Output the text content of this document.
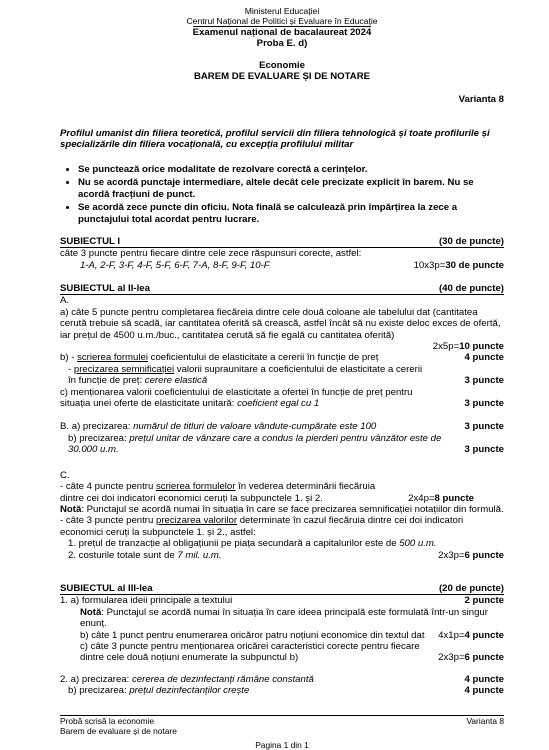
Ministerul Educației
Centrul Național de Politici și Evaluare în Educație
Examenul național de bacalaureat 2024
Proba E. d)
Economie
BAREM DE EVALUARE ȘI DE NOTARE
Varianta 8
Profilul umanist din filiera teoretică, profilul servicii din filiera tehnologică și toate profilurile și specializările din filiera vocațională, cu excepția profilului militar
• Se punctează orice modalitate de rezolvare corectă a cerințelor.
• Nu se acordă punctaje intermediare, altele decât cele precizate explicit în barem. Nu se acordă fracțiuni de punct.
• Se acordă zece puncte din oficiu. Nota finală se calculează prin împărțirea la zece a punctajului total acordat pentru lucrare.
SUBIECTUL I	(30 de puncte)

câte 3 puncte pentru fiecare dintre cele zece răspunsuri corecte, astfel:

1-A, 2-F, 3-F, 4-F, 5-F, 6-F, 7-A, 8-F, 9-F, 10-F	10x3p=30 de puncte
SUBIECTUL al II-lea	(40 de puncte)

A.

a) câte 5 puncte pentru completarea fiecăreia dintre cele două coloane ale tabelului dat (cantitatea cerută trebuie să scadă, iar cantitatea oferită să crească, astfel încât să nu existe deloc exces de ofertă, iar prețul de 4500 u.m./buc., cantitatea cerută să fie egală cu cantitatea oferită)

2x5p=10 puncte
b) - scrierea formulei coeficientului de elasticitate a cererii în funcție de preț	4 puncte
- precizarea semnificației valorii supraunitare a coeficientului de elasticitate a cererii în funcție de preț: cerere elastică	3 puncte
c) menționarea valorii coeficientului de elasticitate a ofertei în funcție de preț pentru situația unei oferte de elasticitate unitară: coeficient egal cu 1	3 puncte
B. a) precizarea: numărul de titluri de valoare vândute-cumpărate este 100	3 puncte
b) precizarea: prețul unitar de vânzare care a condus la pierderi pentru vânzător este de 30.000 u.m.	3 puncte

C.

- câte 4 puncte pentru scrierea formulelor în vederea determinării fiecăruia dintre cei doi indicatori economici ceruți la subpunctele 1. și 2.	2x4p=8 puncte

Notă: Punctajul se acordă numai în situația în care se face precizarea semnificației notațiilor din formulă.

- câte 3 puncte pentru precizarea valorilor determinate în cazul fiecăruia dintre cei doi indicatori economici ceruți la subpunctele 1. și 2., astfel:

1. prețul de tranzacție al obligațiunii pe piața secundară a capitalurilor este de 500 u.m.

2. costurile totale sunt de 7 mil. u.m.	2x3p=6 puncte
SUBIECTUL al III-lea	(20 de puncte)
1. a) formularea ideii principale a textului	2 puncte

Notă: Punctajul se acordă numai în situația în care ideea principală este formulată într-un singur enunț.

b) câte 1 punct pentru enumerarea oricăror patru noțiuni economice din textul dat 4x1p=4 puncte
c) câte 3 puncte pentru menționarea oricărei caracteristici corecte pentru fiecare dintre cele două noțiuni enumerate la subpunctul b)	2x3p=6 puncte
2. a) precizarea: cererea de dezinfectanți rămâne constantă	4 puncte
b) precizarea: prețul dezinfectanților crește	4 puncte
Probă scrisă la economie
Barem de evaluare și de notare
Varianta 8
Pagina 1 din 1
